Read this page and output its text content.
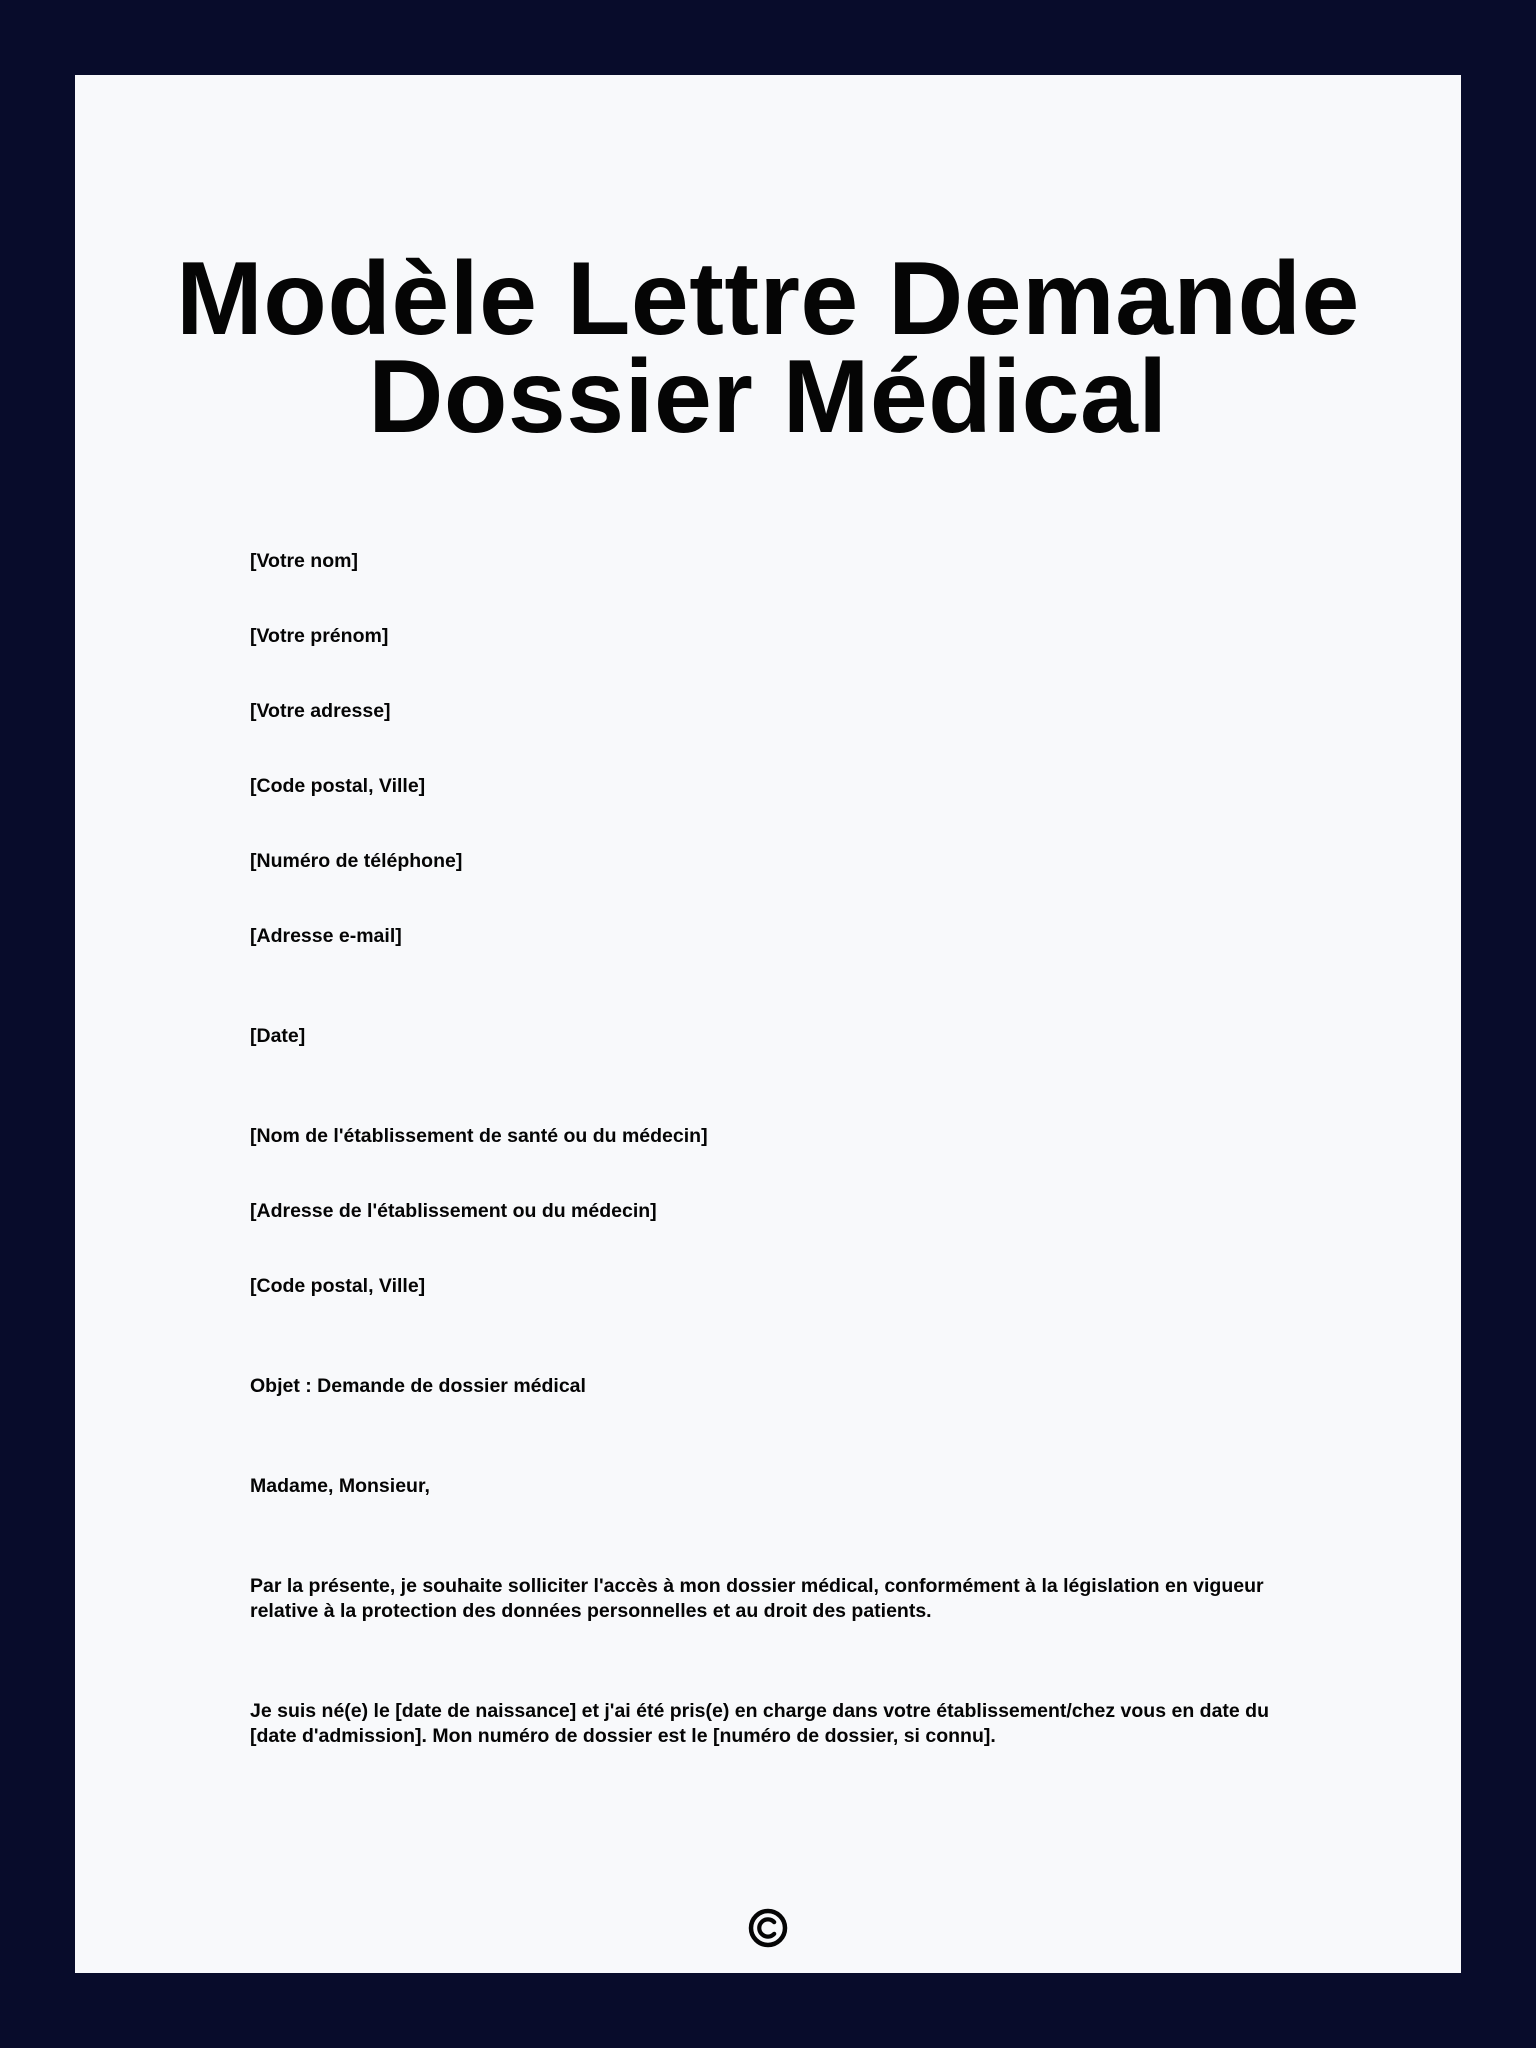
Modèle Lettre Demande
Dossier Médical
[Votre nom]
[Votre prénom]
[Votre adresse]
[Code postal, Ville]
[Numéro de téléphone]
[Adresse e-mail]
[Date]
[Nom de l'établissement de santé ou du médecin]
[Adresse de l'établissement ou du médecin]
[Code postal, Ville]
Objet : Demande de dossier médical
Madame, Monsieur,
Par la présente, je souhaite solliciter l'accès à mon dossier médical, conformément à la législation en vigueur relative à la protection des données personnelles et au droit des patients.
Je suis né(e) le [date de naissance] et j'ai été pris(e) en charge dans votre établissement/chez vous en date du [date d'admission]. Mon numéro de dossier est le [numéro de dossier, si connu].
